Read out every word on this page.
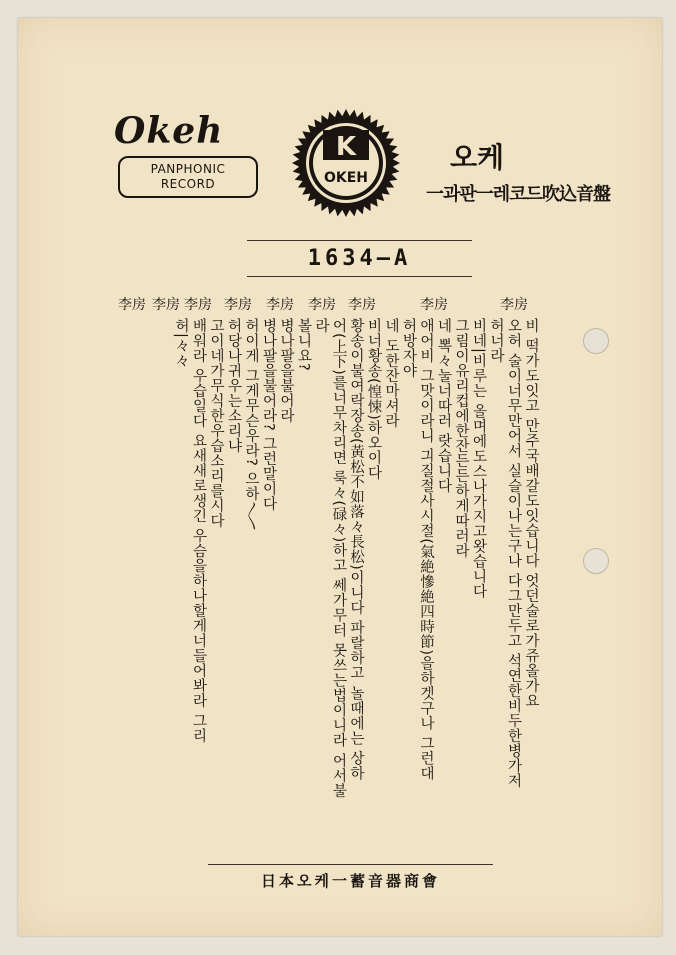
Okeh
PANPHONIC
RECORD
K
OKEH
오케
一과판一레코드吹込音盤
1634—A
비 떡가도잇고 만주국배갈도잇습니다 엇던술로가쥬올가요
오허 술이너무만어서 실슬이나는구나 다그만두고 석연한비두한병가저
허너라
비네|비루는 올며에도스나가지고왓습니다
그림이유리컵에한잔든든하게따러라
네 뽁々눌너따러 랏습니다
애어비 그맛이라니 긔질절사시절(氣絶慘絶四時節)을하겟구나 그런대
허방자야
네 도한잔마셔라
비너황송(惶悚)하오이다
황송이불여락장송(黃松不如落々長松)이니다 파랄하고 놀때에는 상하
어(上下)를너무차리면 룩々(碌々)하고 쎄가무터 못쓰는법이니라 어서불
라
볼니요?
병나팔을불어라
병나팔을불어라? 그런말이다
허이게 그게무슨우라? 으하〳〵
허당나귀우는소리냐
고이네가무식한우습소리를시다
배워라 우습일다 요새새로생긴 우슴을하나할게너들어봐라 그리
허|々々
李房
李房
李房
李房
李房
李房
李房
李房
李房
日本오케一蓄音器商會
